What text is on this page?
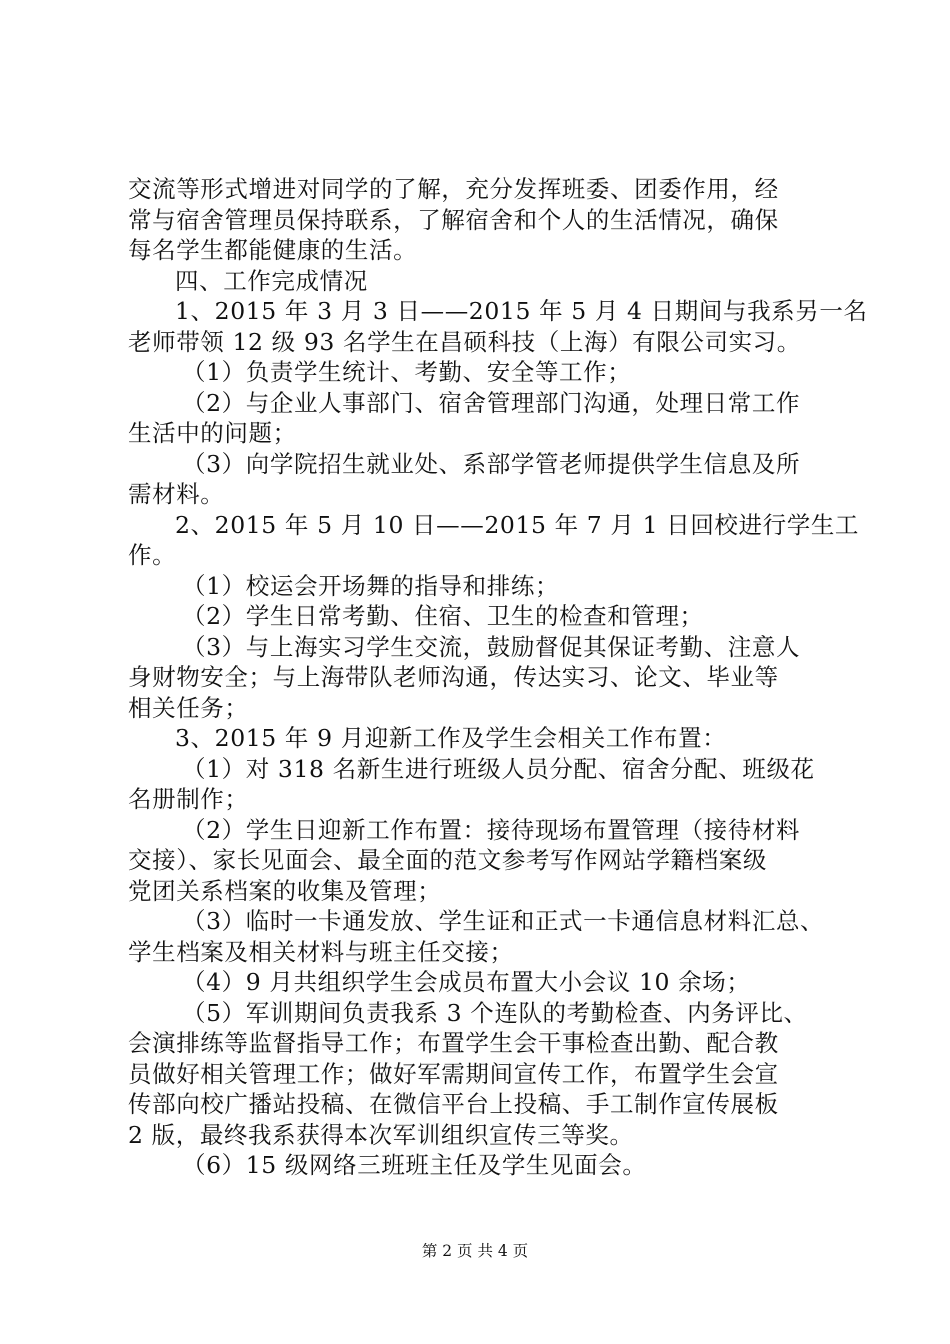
交流等形式增进对同学的了解，充分发挥班委、团委作用，经
常与宿舍管理员保持联系，了解宿舍和个人的生活情况，确保
每名学生都能健康的生活。
四、工作完成情况
1、2015 年 3 月 3 日——2015 年 5 月 4 日期间与我系另一名
老师带领 12 级 93 名学生在昌硕科技（上海）有限公司实习。
（1）负责学生统计、考勤、安全等工作；
（2）与企业人事部门、宿舍管理部门沟通，处理日常工作
生活中的问题；
（3）向学院招生就业处、系部学管老师提供学生信息及所
需材料。
2、2015 年 5 月 10 日——2015 年 7 月 1 日回校进行学生工
作。
（1）校运会开场舞的指导和排练；
（2）学生日常考勤、住宿、卫生的检查和管理；
（3）与上海实习学生交流，鼓励督促其保证考勤、注意人
身财物安全；与上海带队老师沟通，传达实习、论文、毕业等
相关任务；
3、2015 年 9 月迎新工作及学生会相关工作布置：
（1）对 318 名新生进行班级人员分配、宿舍分配、班级花
名册制作；
（2）学生日迎新工作布置：接待现场布置管理（接待材料
交接）、家长见面会、最全面的范文参考写作网站学籍档案级
党团关系档案的收集及管理；
（3）临时一卡通发放、学生证和正式一卡通信息材料汇总、
学生档案及相关材料与班主任交接；
（4）9 月共组织学生会成员布置大小会议 10 余场；
（5）军训期间负责我系 3 个连队的考勤检查、内务评比、
会演排练等监督指导工作；布置学生会干事检查出勤、配合教
员做好相关管理工作；做好军需期间宣传工作，布置学生会宣
传部向校广播站投稿、在微信平台上投稿、手工制作宣传展板
2 版，最终我系获得本次军训组织宣传三等奖。
（6）15 级网络三班班主任及学生见面会。
第 2 页 共 4 页
